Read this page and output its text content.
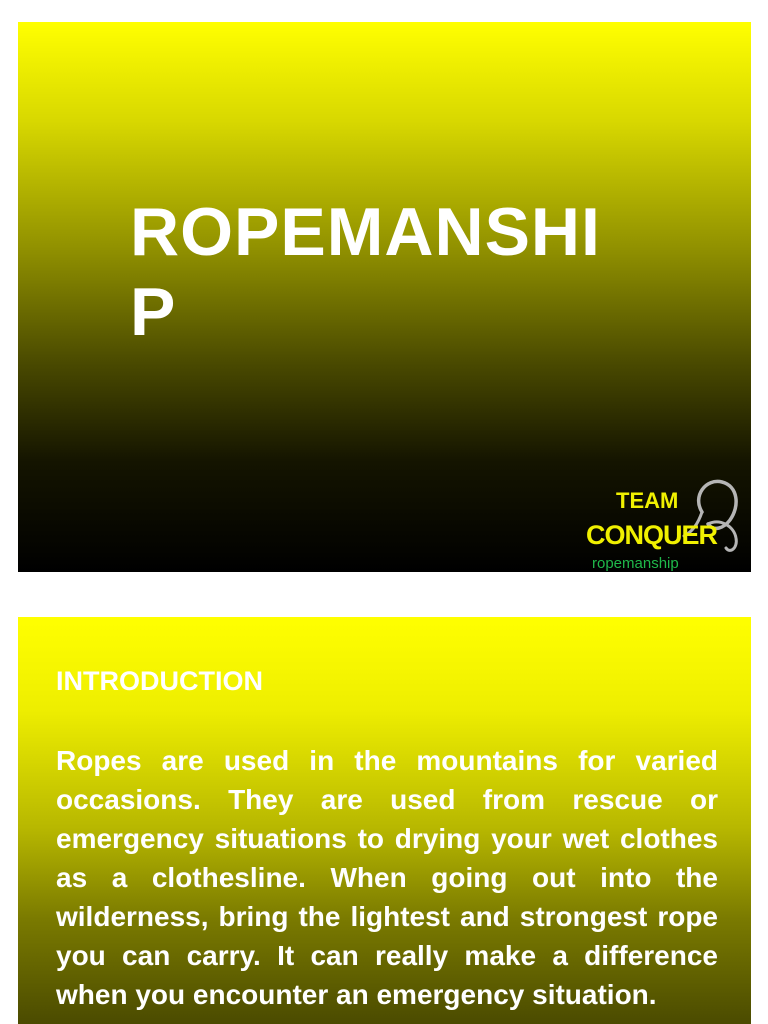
ROPEMANSHIP
TEAM
CONQUER
ropemanship
INTRODUCTION

Ropes are used in the mountains for varied occasions. They are used from rescue or emergency situations to drying your wet clothes as a clothesline. When going out into the wilderness, bring the lightest and strongest rope you can carry. It can really make a difference when you encounter an emergency situation.
